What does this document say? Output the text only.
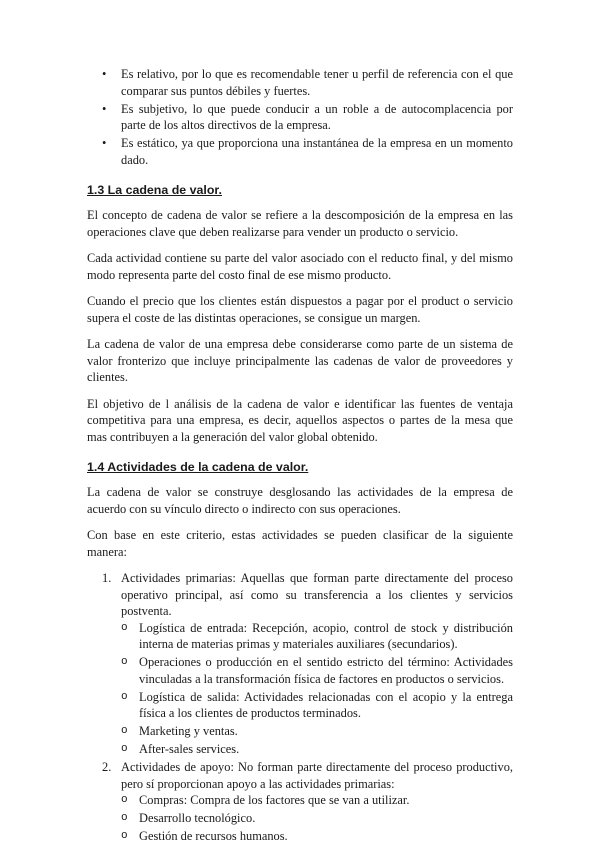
• Es relativo, por lo que es recomendable tener u perfil de referencia con el que comparar sus puntos débiles y fuertes.
• Es subjetivo, lo que puede conducir a un roble a de autocomplacencia por parte de los altos directivos de la empresa.
• Es estático, ya que proporciona una instantánea de la empresa en un momento dado.
1.3 La cadena de valor.

El concepto de cadena de valor se refiere a la descomposición de la empresa en las operaciones clave que deben realizarse para vender un producto o servicio.

Cada actividad contiene su parte del valor asociado con el reducto final, y del mismo modo representa parte del costo final de ese mismo producto.

Cuando el precio que los clientes están dispuestos a pagar por el product o servicio supera el coste de las distintas operaciones, se consigue un margen.

La cadena de valor de una empresa debe considerarse como parte de un sistema de valor fronterizo que incluye principalmente las cadenas de valor de proveedores y clientes.

El objetivo de l análisis de la cadena de valor e identificar las fuentes de ventaja competitiva para una empresa, es decir, aquellos aspectos o partes de la mesa que mas contribuyen a la generación del valor global obtenido.

1.4 Actividades de la cadena de valor.

La cadena de valor se construye desglosando las actividades de la empresa de acuerdo con su vínculo directo o indirecto con sus operaciones.

Con base en este criterio, estas actividades se pueden clasificar de la siguiente manera:

1. Actividades primarias: Aquellas que forman parte directamente del proceso operativo principal, así como su transferencia a los clientes y servicios postventa.
o Logística de entrada: Recepción, acopio, control de stock y distribución interna de materias primas y materiales auxiliares (secundarios).
o Operaciones o producción en el sentido estricto del término: Actividades vinculadas a la transformación física de factores en productos o servicios.
o Logística de salida: Actividades relacionadas con el acopio y la entrega física a los clientes de productos terminados.
o Marketing y ventas.
o After-sales services.
2. Actividades de apoyo: No forman parte directamente del proceso productivo, pero sí proporcionan apoyo a las actividades primarias:
o Compras: Compra de los factores que se van a utilizar.
o Desarrollo tecnológico.
o Gestión de recursos humanos.
